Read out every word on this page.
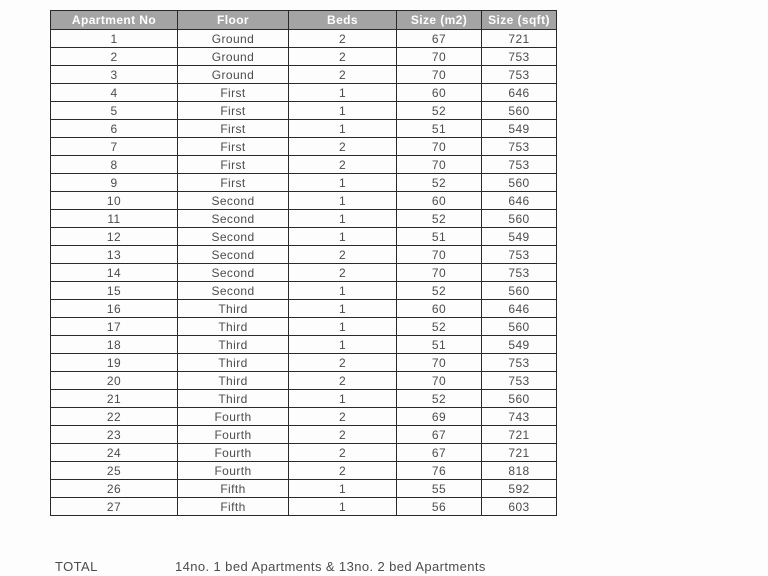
Apartment No	Floor	Beds	Size (m2)	Size (sqft)
1	Ground	2	67	721
2	Ground	2	70	753
3	Ground	2	70	753
4	First	1	60	646
5	First	1	52	560
6	First	1	51	549
7	First	2	70	753
8	First	2	70	753
9	First	1	52	560
10	Second	1	60	646
11	Second	1	52	560
12	Second	1	51	549
13	Second	2	70	753
14	Second	2	70	753
15	Second	1	52	560
16	Third	1	60	646
17	Third	1	52	560
18	Third	1	51	549
19	Third	2	70	753
20	Third	2	70	753
21	Third	1	52	560
22	Fourth	2	69	743
23	Fourth	2	67	721
24	Fourth	2	67	721
25	Fourth	2	76	818
26	Fifth	1	55	592
27	Fifth	1	56	603
TOTAL	14no. 1 bed Apartments & 13no. 2 bed Apartments
